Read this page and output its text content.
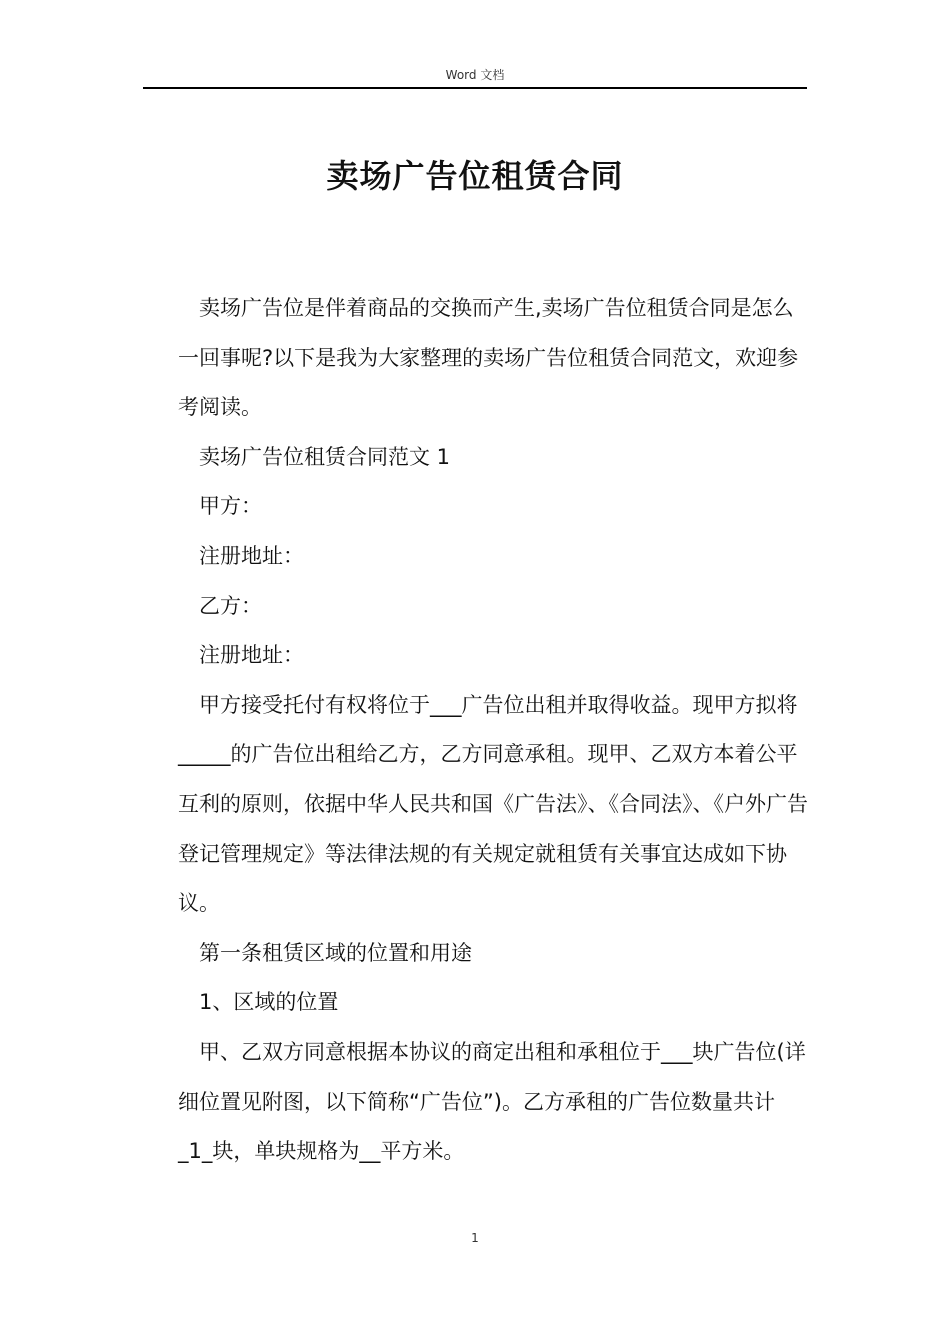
Word 文档
卖场广告位租赁合同

卖场广告位是伴着商品的交换而产生,卖场广告位租赁合同是怎么一回事呢?以下是我为大家整理的卖场广告位租赁合同范文，欢迎参考阅读。

卖场广告位租赁合同范文 1

甲方：

注册地址：

乙方：

注册地址：

甲方接受托付有权将位于___广告位出租并取得收益。现甲方拟将_____的广告位出租给乙方，乙方同意承租。现甲、乙双方本着公平互利的原则，依据中华人民共和国《广告法》、《合同法》、《户外广告登记管理规定》等法律法规的有关规定就租赁有关事宜达成如下协议。

第一条租赁区域的位置和用途

1、区域的位置

甲、乙双方同意根据本协议的商定出租和承租位于___块广告位(详细位置见附图，以下简称“广告位”)。乙方承租的广告位数量共计_1_块，单块规格为__平方米。

1
